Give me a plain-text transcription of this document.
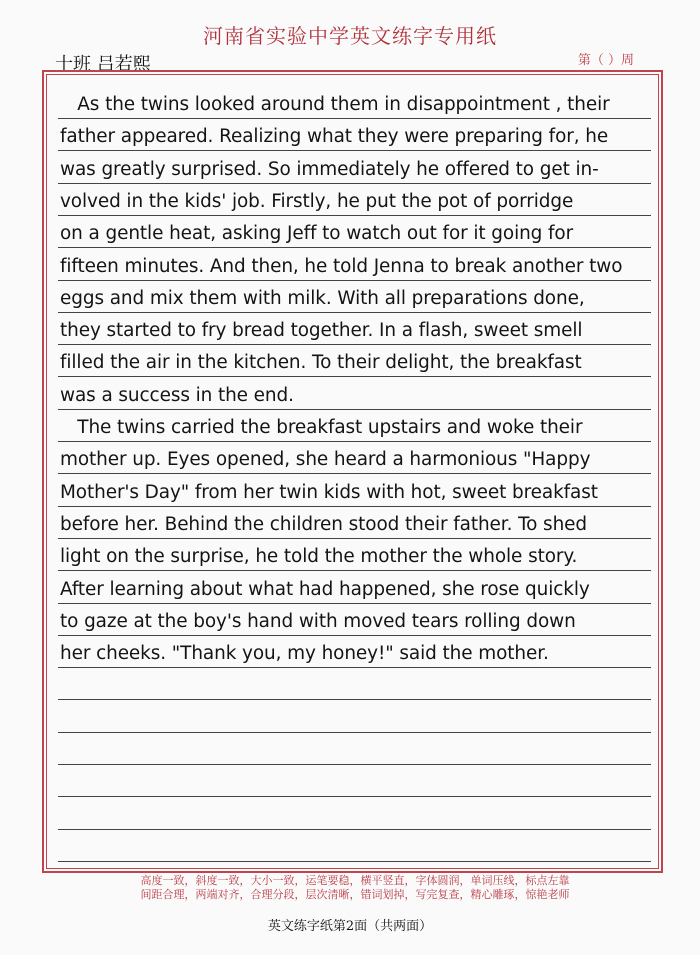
河南省实验中学英文练字专用纸
十班 吕若熙	第（ ）周
As the twins looked around them in disappointment , their
father appeared. Realizing what they were preparing for, he
was greatly surprised. So immediately he offered to get in-
volved in the kids' job. Firstly, he put the pot of porridge
on a gentle heat, asking Jeff to watch out for it going for
fifteen minutes. And then, he told Jenna to break another two
eggs and mix them with milk. With all preparations done,
they started to fry bread together. In a flash, sweet smell
filled the air in the kitchen. To their delight, the breakfast
was a success in the end.
The twins carried the breakfast upstairs and woke their
mother up. Eyes opened, she heard a harmonious "Happy
Mother's Day" from her twin kids with hot, sweet breakfast
before her. Behind the children stood their father. To shed
light on the surprise, he told the mother the whole story.
After learning about what had happened, she rose quickly
to gaze at the boy's hand with moved tears rolling down
her cheeks. "Thank you, my honey!" said the mother.
高度一致，斜度一致，大小一致，运笔要稳，横平竖直，字体圆润，单词压线，标点左靠
间距合理，两端对齐，合理分段，层次清晰，错词划掉，写完复查，精心雕琢，惊艳老师
英文练字纸第2面（共两面）
